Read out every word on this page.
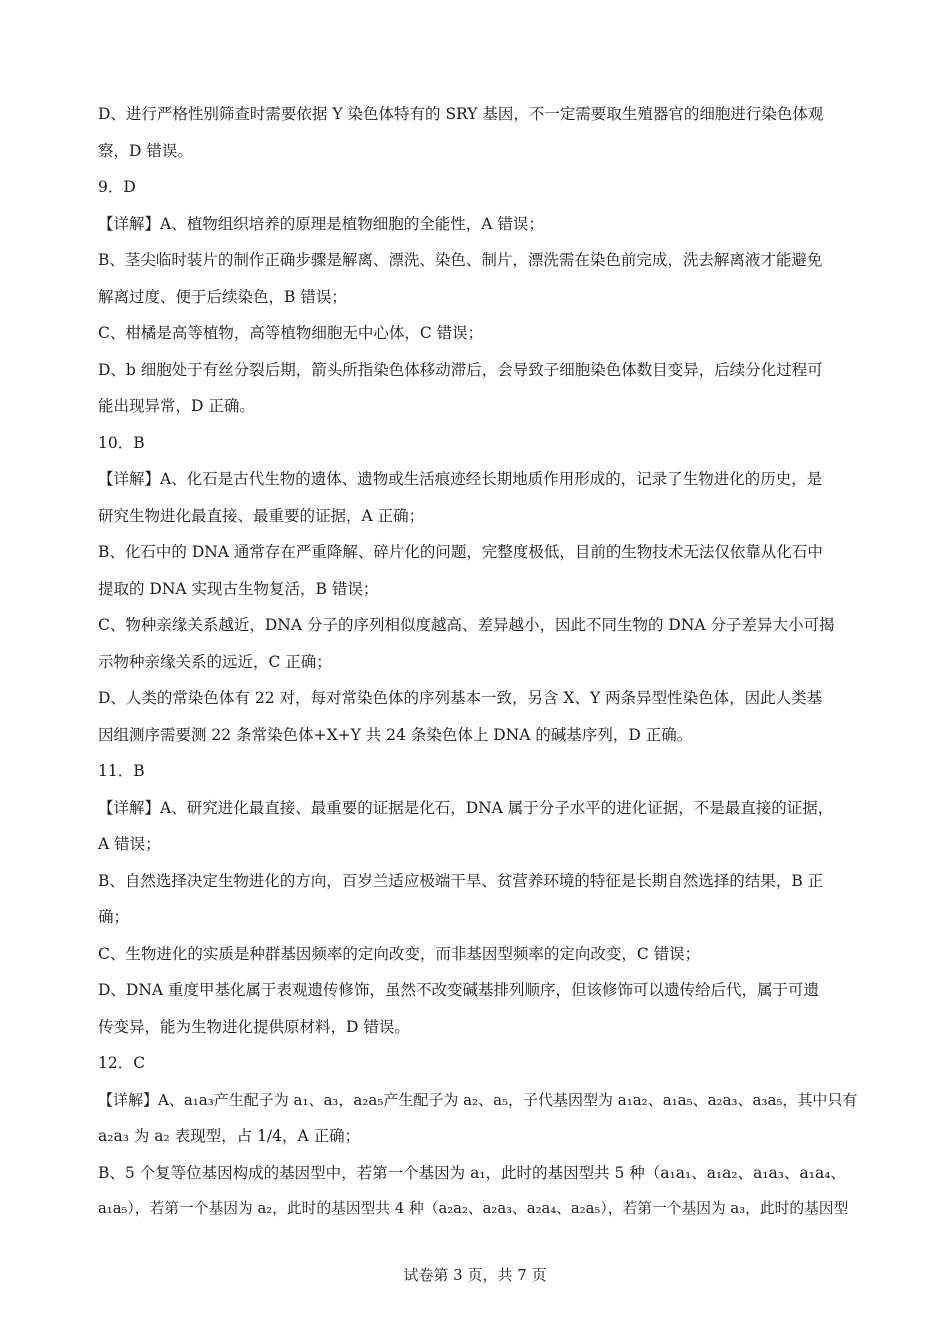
D、进行严格性别筛查时需要依据 Y 染色体特有的 SRY 基因，不一定需要取生殖器官的细胞进行染色体观
察，D 错误。
9．D
【详解】A、植物组织培养的原理是植物细胞的全能性，A 错误；
B、茎尖临时装片的制作正确步骤是解离、漂洗、染色、制片，漂洗需在染色前完成，洗去解离液才能避免
解离过度、便于后续染色，B 错误；
C、柑橘是高等植物，高等植物细胞无中心体，C 错误；
D、b 细胞处于有丝分裂后期，箭头所指染色体移动滞后，会导致子细胞染色体数目变异，后续分化过程可
能出现异常，D 正确。
10．B
【详解】A、化石是古代生物的遗体、遗物或生活痕迹经长期地质作用形成的，记录了生物进化的历史，是
研究生物进化最直接、最重要的证据，A 正确；
B、化石中的 DNA 通常存在严重降解、碎片化的问题，完整度极低，目前的生物技术无法仅依靠从化石中
提取的 DNA 实现古生物复活，B 错误；
C、物种亲缘关系越近，DNA 分子的序列相似度越高、差异越小，因此不同生物的 DNA 分子差异大小可揭
示物种亲缘关系的远近，C 正确；
D、人类的常染色体有 22 对，每对常染色体的序列基本一致，另含 X、Y 两条异型性染色体，因此人类基
因组测序需要测 22 条常染色体+X+Y 共 24 条染色体上 DNA 的碱基序列，D 正确。
11．B
【详解】A、研究进化最直接、最重要的证据是化石，DNA 属于分子水平的进化证据，不是最直接的证据，
A 错误；
B、自然选择决定生物进化的方向，百岁兰适应极端干旱、贫营养环境的特征是长期自然选择的结果，B 正
确；
C、生物进化的实质是种群基因频率的定向改变，而非基因型频率的定向改变，C 错误；
D、DNA 重度甲基化属于表观遗传修饰，虽然不改变碱基排列顺序，但该修饰可以遗传给后代，属于可遗
传变异，能为生物进化提供原材料，D 错误。
12．C
【详解】A、a₁a₃产生配子为 a₁、a₃，a₂a₅产生配子为 a₂、a₅，子代基因型为 a₁a₂、a₁a₅、a₂a₃、a₃a₅，其中只有
a₂a₃ 为 a₂ 表现型，占 1/4，A 正确；
B、5 个复等位基因构成的基因型中，若第一个基因为 a₁，此时的基因型共 5 种（a₁a₁、a₁a₂、a₁a₃、a₁a₄、
a₁a₅），若第一个基因为 a₂，此时的基因型共 4 种（a₂a₂、a₂a₃、a₂a₄、a₂a₅），若第一个基因为 a₃，此时的基因型
试卷第 3 页，共 7 页
